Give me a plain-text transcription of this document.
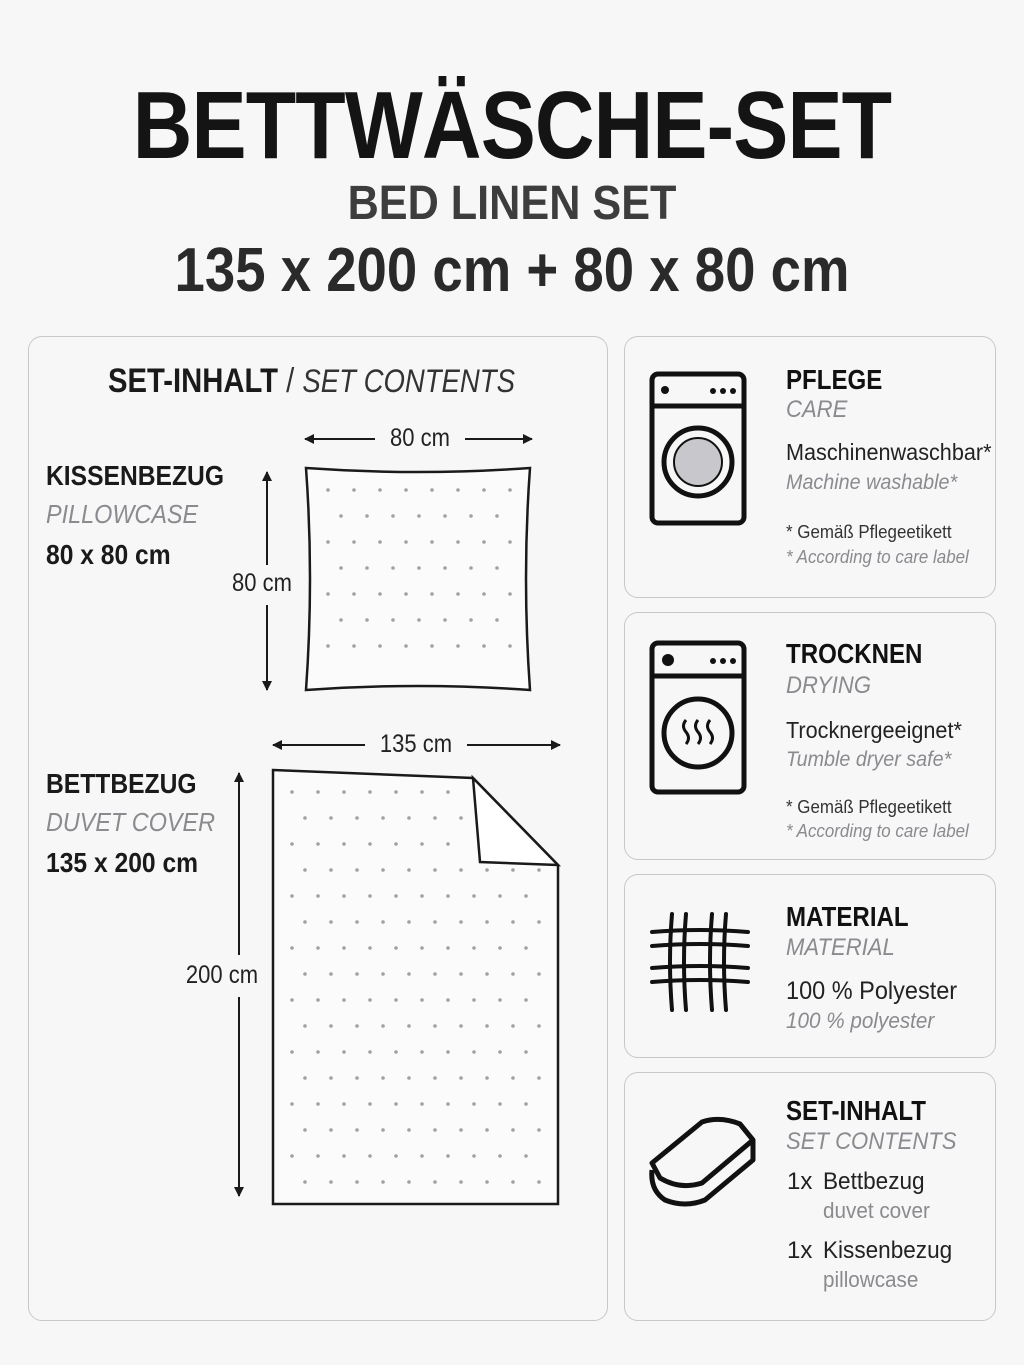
BETTWÄSCHE-SET
BED LINEN SET
135 x 200 cm + 80 x 80 cm
SET-INHALT / SET CONTENTS
KISSENBEZUG
PILLOWCASE
80 x 80 cm
80 cm
80 cm
BETTBEZUG
DUVET COVER
135 x 200 cm
135 cm
200 cm
PFLEGE
CARE
Maschinenwaschbar*
Machine washable*
* Gemäß Pflegeetikett
* According to care label
TROCKNEN
DRYING
Trocknergeeignet*
Tumble dryer safe*
* Gemäß Pflegeetikett
* According to care label
MATERIAL
MATERIAL
100 % Polyester
100 % polyester
SET-INHALT
SET CONTENTS
1x Bettbezug
duvet cover
1x Kissenbezug
pillowcase
